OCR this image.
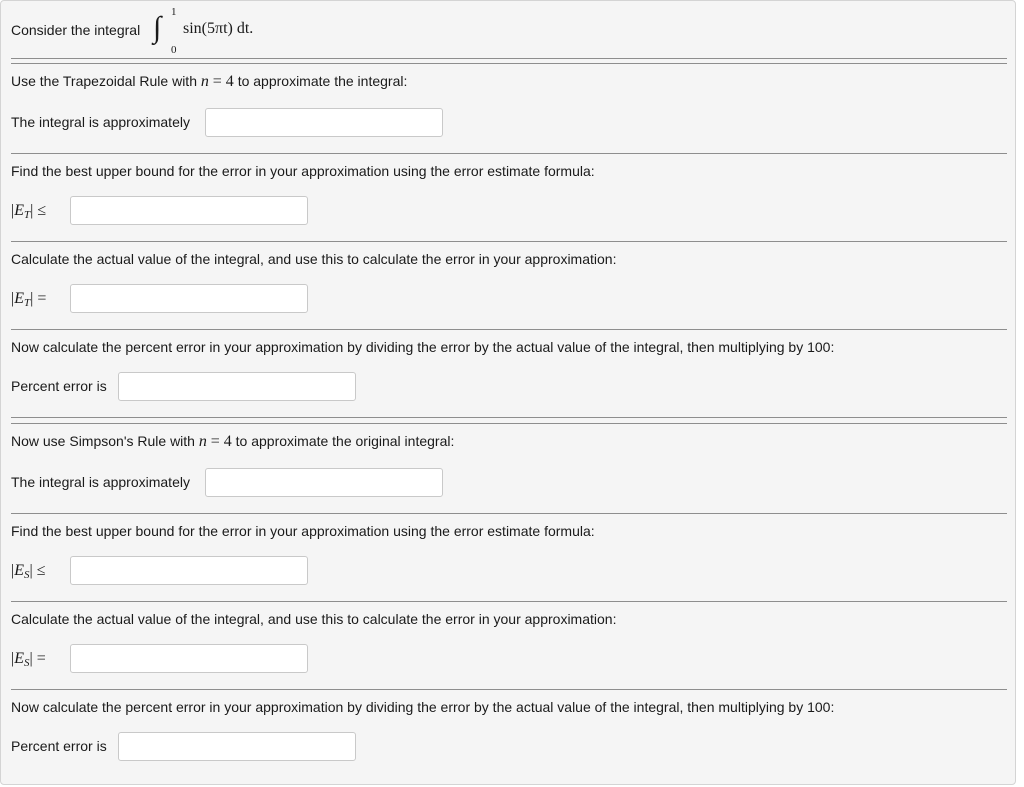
Consider the integral
1
∫
0
sin(5πt) dt.
Use the Trapezoidal Rule with n = 4 to approximate the integral:
The integral is approximately
Find the best upper bound for the error in your approximation using the error estimate formula:
$|E_T|$ ≤
Calculate the actual value of the integral, and use this to calculate the error in your approximation:
$|E_T|$ =
Now calculate the percent error in your approximation by dividing the error by the actual value of the integral, then multiplying by 100:
Percent error is
Now use Simpson's Rule with n = 4 to approximate the original integral:
The integral is approximately
Find the best upper bound for the error in your approximation using the error estimate formula:
$|E_S|$ ≤
Calculate the actual value of the integral, and use this to calculate the error in your approximation:
$|E_S|$ =
Now calculate the percent error in your approximation by dividing the error by the actual value of the integral, then multiplying by 100:
Percent error is
